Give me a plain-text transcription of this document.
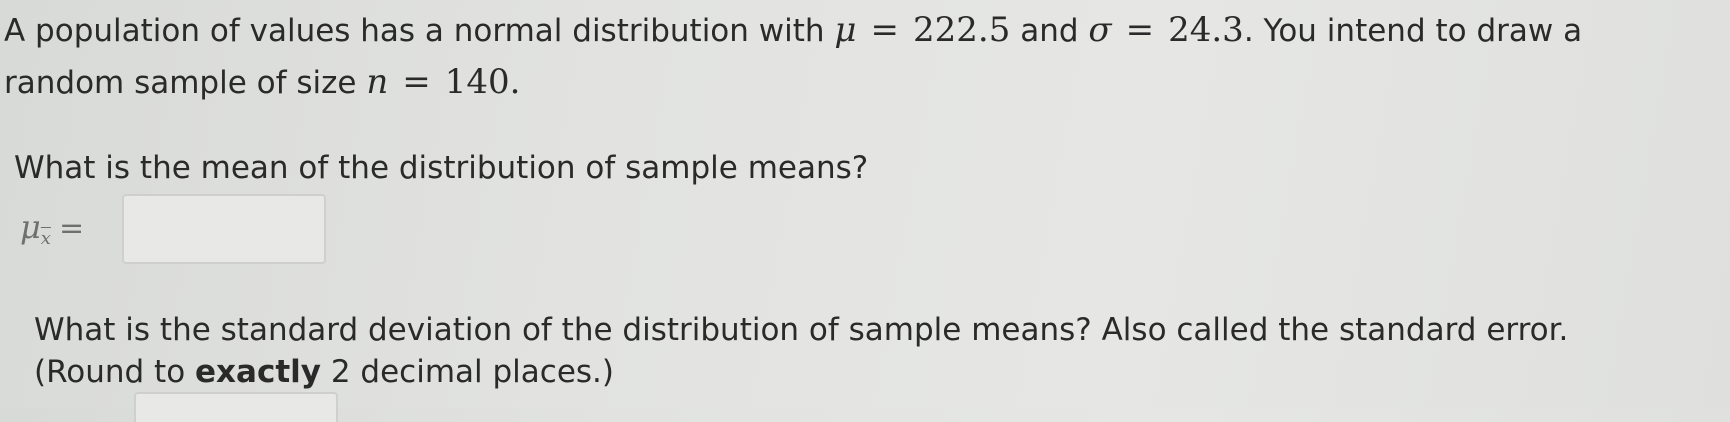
A population of values has a normal distribution with μ = 222.5 and σ = 24.3. You intend to draw a
random sample of size n = 140.
What is the mean of the distribution of sample means?
$\mu\overline{x}$ =
What is the standard deviation of the distribution of sample means? Also called the standard error.
(Round to exactly 2 decimal places.)
